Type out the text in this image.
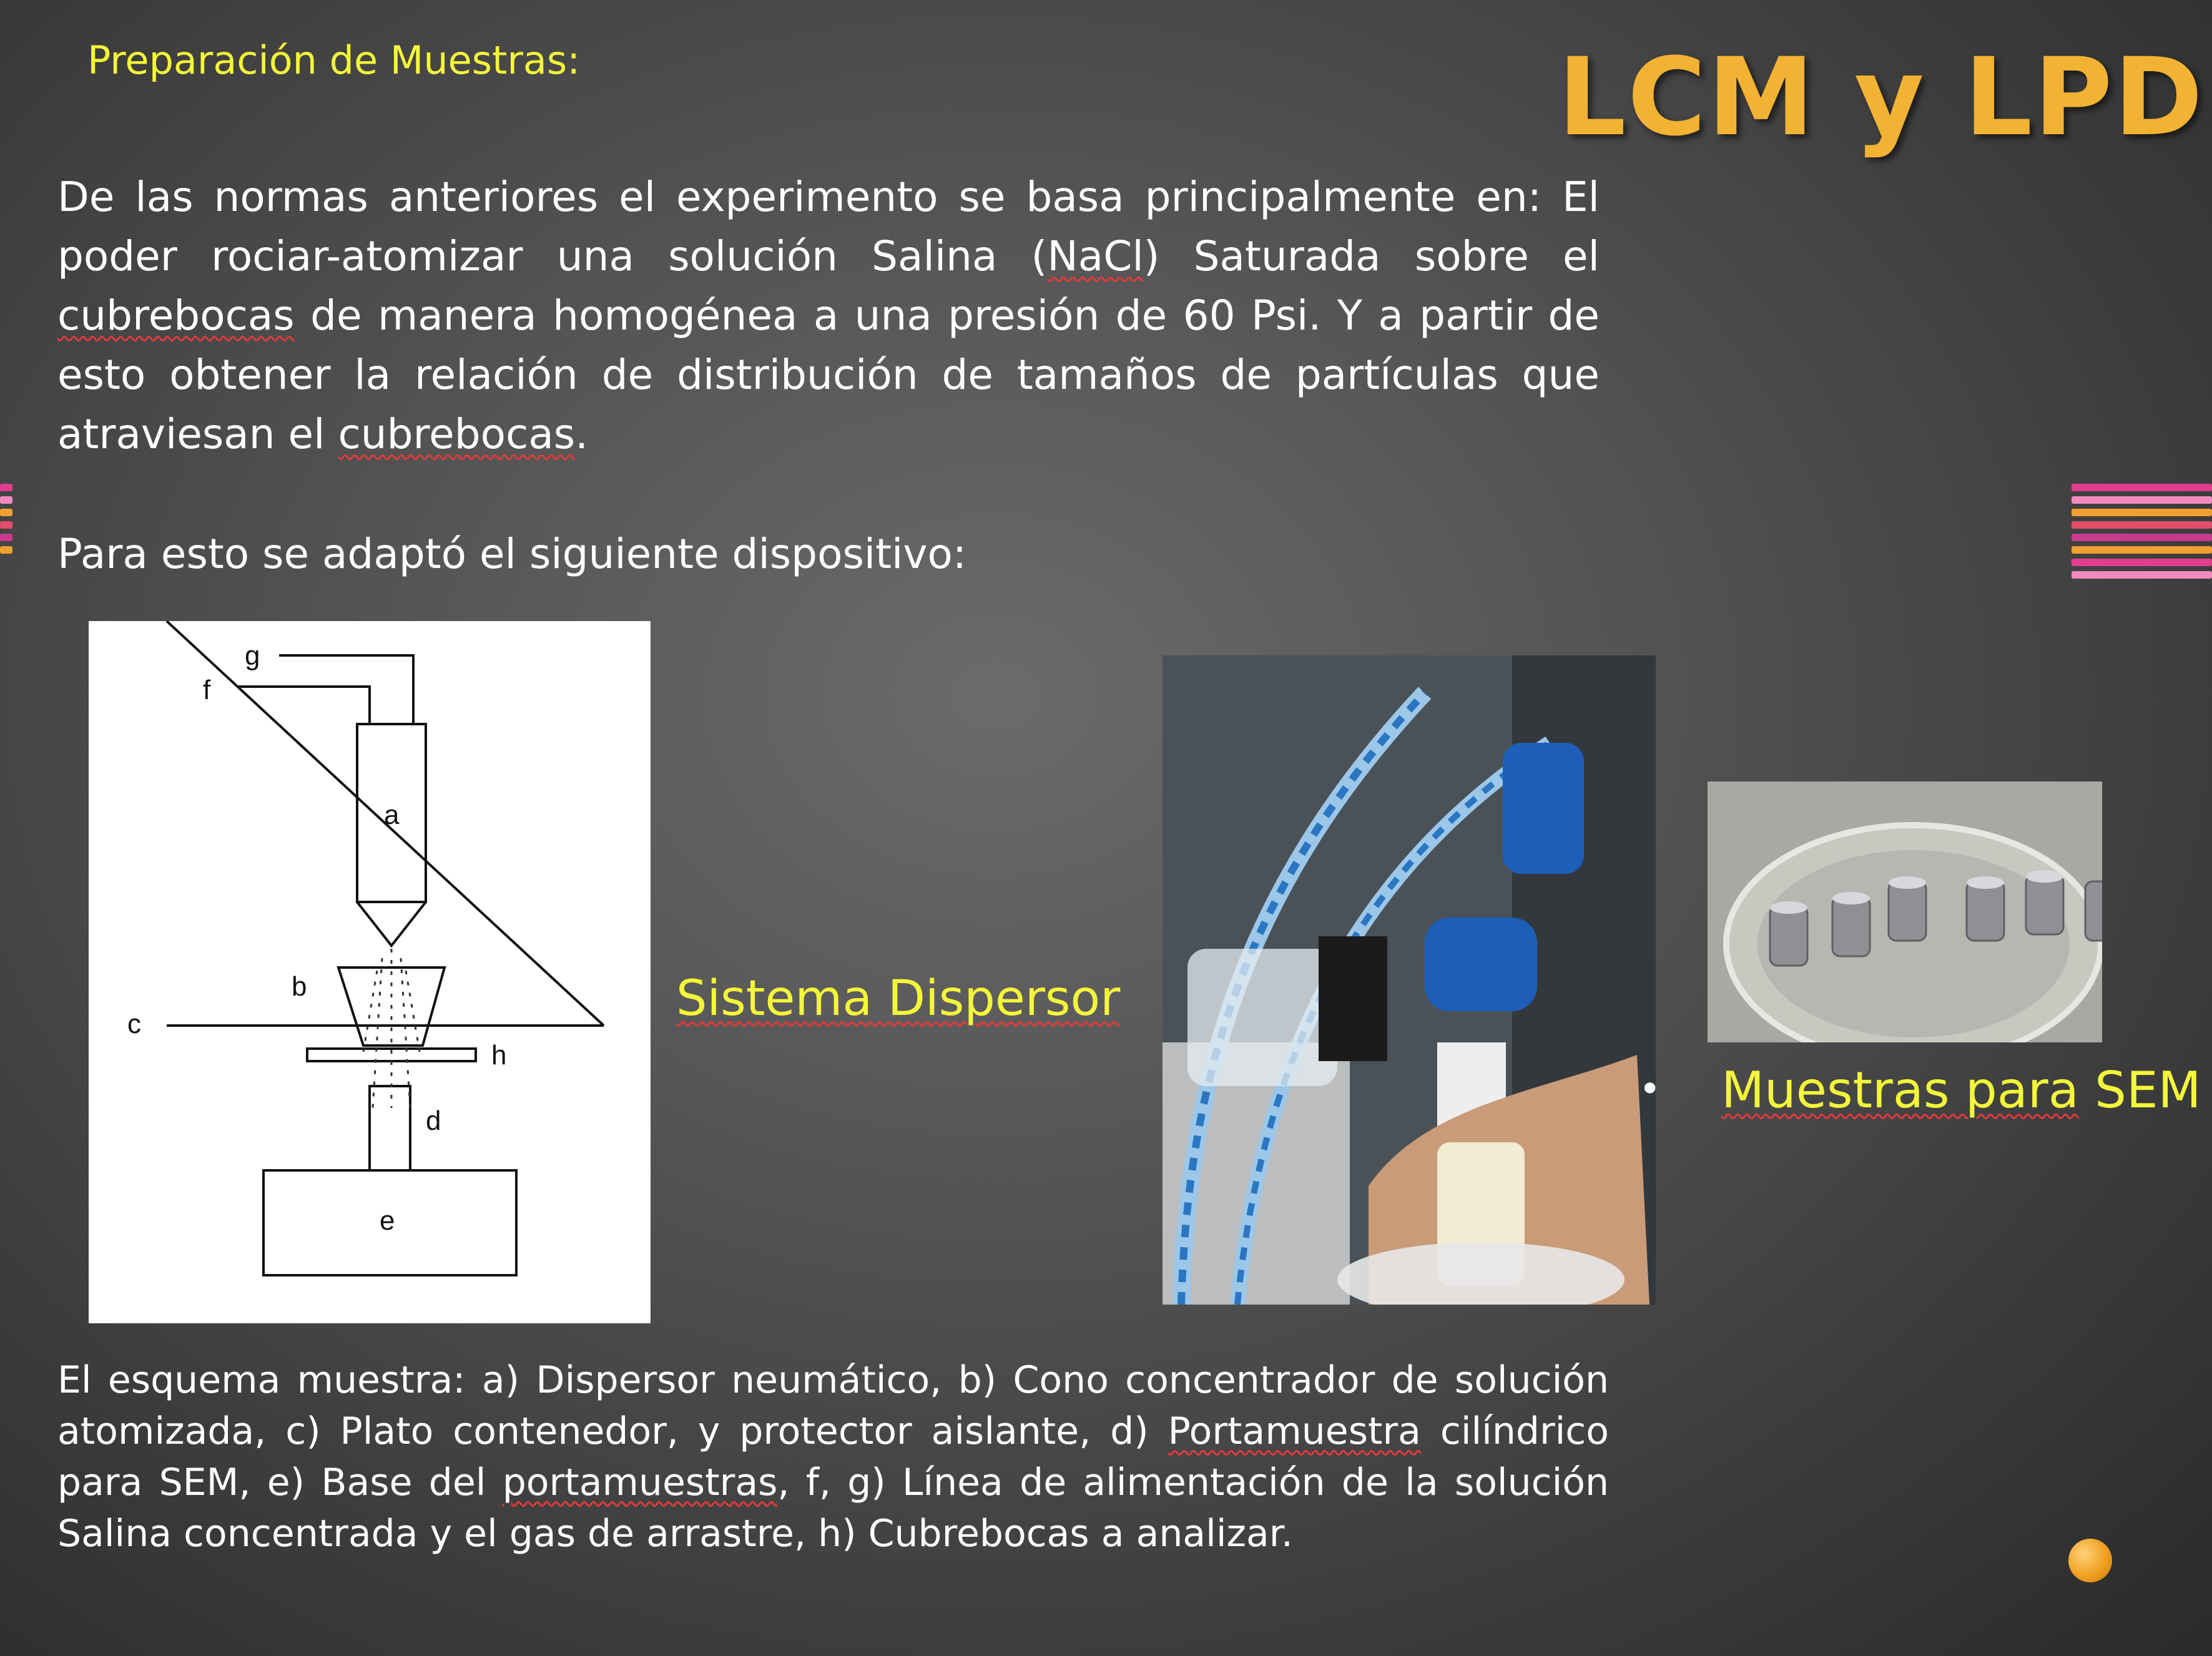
Preparación de Muestras:	LCM y LPD

De las normas anteriores el experimento se basa principalmente en: El poder rociar-atomizar una solución Salina (NaCl) Saturada sobre el cubrebocas de manera homogénea a una presión de 60 Psi. Y a partir de esto obtener la relación de distribución de tamaños de partículas que atraviesan el cubrebocas.

Para esto se adaptó el siguiente dispositivo:
g
f
a
b
c
h
d
e
Sistema Dispersor
• Muestras para SEM
El esquema muestra: a) Dispersor neumático, b) Cono concentrador de solución atomizada, c) Plato contenedor, y protector aislante, d) Portamuestra cilíndrico para SEM, e) Base del portamuestras, f, g) Línea de alimentación de la solución Salina concentrada y el gas de arrastre, h) Cubrebocas a analizar.
